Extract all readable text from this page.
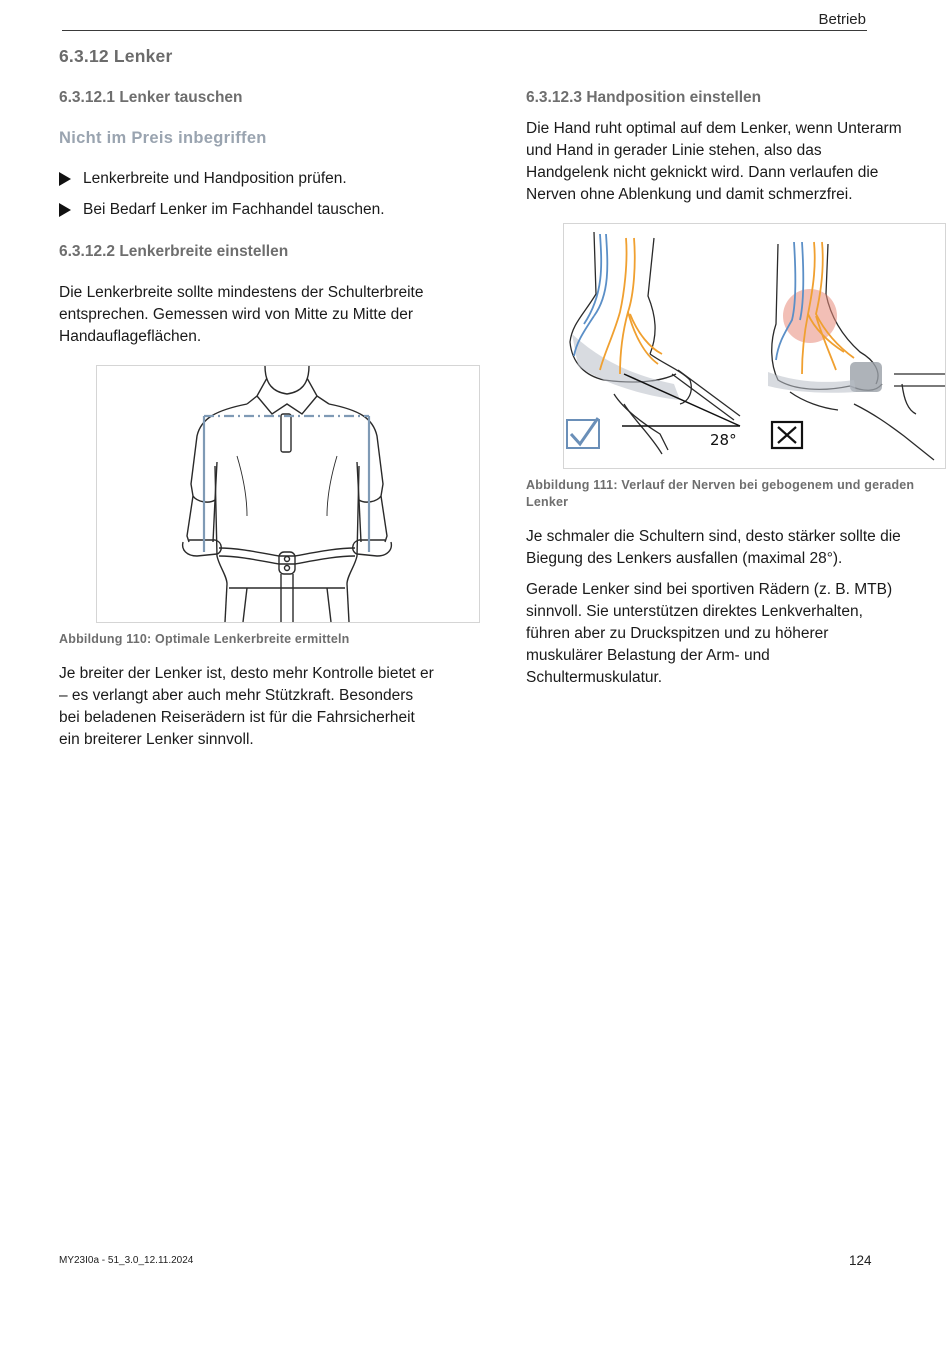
Betrieb
6.3.12 Lenker
6.3.12.1 Lenker tauschen
Nicht im Preis inbegriffen
Lenkerbreite und Handposition prüfen.
Bei Bedarf Lenker im Fachhandel tauschen.
6.3.12.2 Lenkerbreite einstellen
Die Lenkerbreite sollte mindestens der Schulterbreite
entsprechen. Gemessen wird von Mitte zu Mitte der
Handauflageflächen.
Abbildung 110: Optimale Lenkerbreite ermitteln
Je breiter der Lenker ist, desto mehr Kontrolle bietet er
– es verlangt aber auch mehr Stützkraft. Besonders
bei beladenen Reiserädern ist für die Fahrsicherheit
ein breiterer Lenker sinnvoll.
6.3.12.3 Handposition einstellen
Die Hand ruht optimal auf dem Lenker, wenn Unterarm
und Hand in gerader Linie stehen, also das
Handgelenk nicht geknickt wird. Dann verlaufen die
Nerven ohne Ablenkung und damit schmerzfrei.
28°
Abbildung 111: Verlauf der Nerven bei gebogenem und geraden
Lenker
Je schmaler die Schultern sind, desto stärker sollte die
Biegung des Lenkers ausfallen (maximal 28°).
Gerade Lenker sind bei sportiven Rädern (z. B. MTB)
sinnvoll. Sie unterstützen direktes Lenkverhalten,
führen aber zu Druckspitzen und zu höherer
muskulärer Belastung der Arm- und
Schultermuskulatur.
MY23I0a - 51_3.0_12.11.2024	124
